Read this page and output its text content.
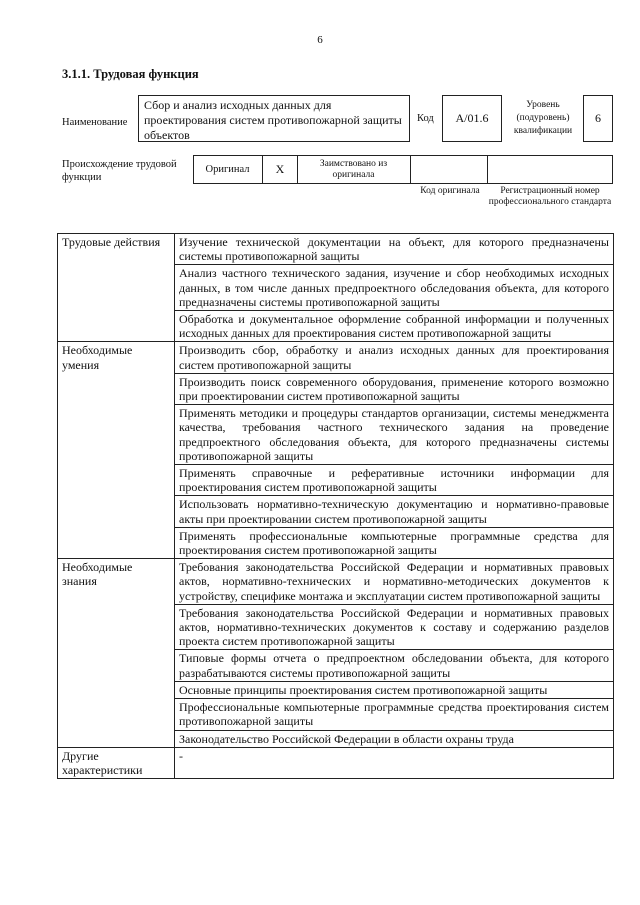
6
3.1.1. Трудовая функция
Наименование
Сбор и анализ исходных данных для проектирования систем противопожарной защиты объектов
Код A/01.6
Уровень (подуровень) квалификации
6
Происхождение трудовой функции
Оригинал X	Заимствовано из оригинала
Код оригинала	Регистрационный номер профессионального стандарта
Трудовые действия	Изучение технической документации на объект, для которого предназначены системы противопожарной защиты
	Анализ частного технического задания, изучение и сбор необходимых исходных данных, в том числе данных предпроектного обследования объекта, для которого предназначены системы противопожарной защиты
	Обработка и документальное оформление собранной информации и полученных исходных данных для проектирования систем противопожарной защиты
Необходимые умения	Производить сбор, обработку и анализ исходных данных для проектирования систем противопожарной защиты
	Производить поиск современного оборудования, применение которого возможно при проектировании систем противопожарной защиты
	Применять методики и процедуры стандартов организации, системы менеджмента качества, требования частного технического задания на проведение предпроектного обследования объекта, для которого предназначены системы противопожарной защиты
	Применять справочные и реферативные источники информации для проектирования систем противопожарной защиты
	Использовать нормативно-техническую документацию и нормативно-правовые акты при проектировании систем противопожарной защиты
	Применять профессиональные компьютерные программные средства для проектирования систем противопожарной защиты
Необходимые знания	Требования законодательства Российской Федерации и нормативных правовых актов, нормативно-технических и нормативно-методических документов к устройству, специфике монтажа и эксплуатации систем противопожарной защиты
	Требования законодательства Российской Федерации и нормативных правовых актов, нормативно-технических документов к составу и содержанию разделов проекта систем противопожарной защиты
	Типовые формы отчета о предпроектном обследовании объекта, для которого разрабатываются системы противопожарной защиты
	Основные принципы проектирования систем противопожарной защиты
	Профессиональные компьютерные программные средства проектирования систем противопожарной защиты
	Законодательство Российской Федерации в области охраны труда
Другие характеристики	-
